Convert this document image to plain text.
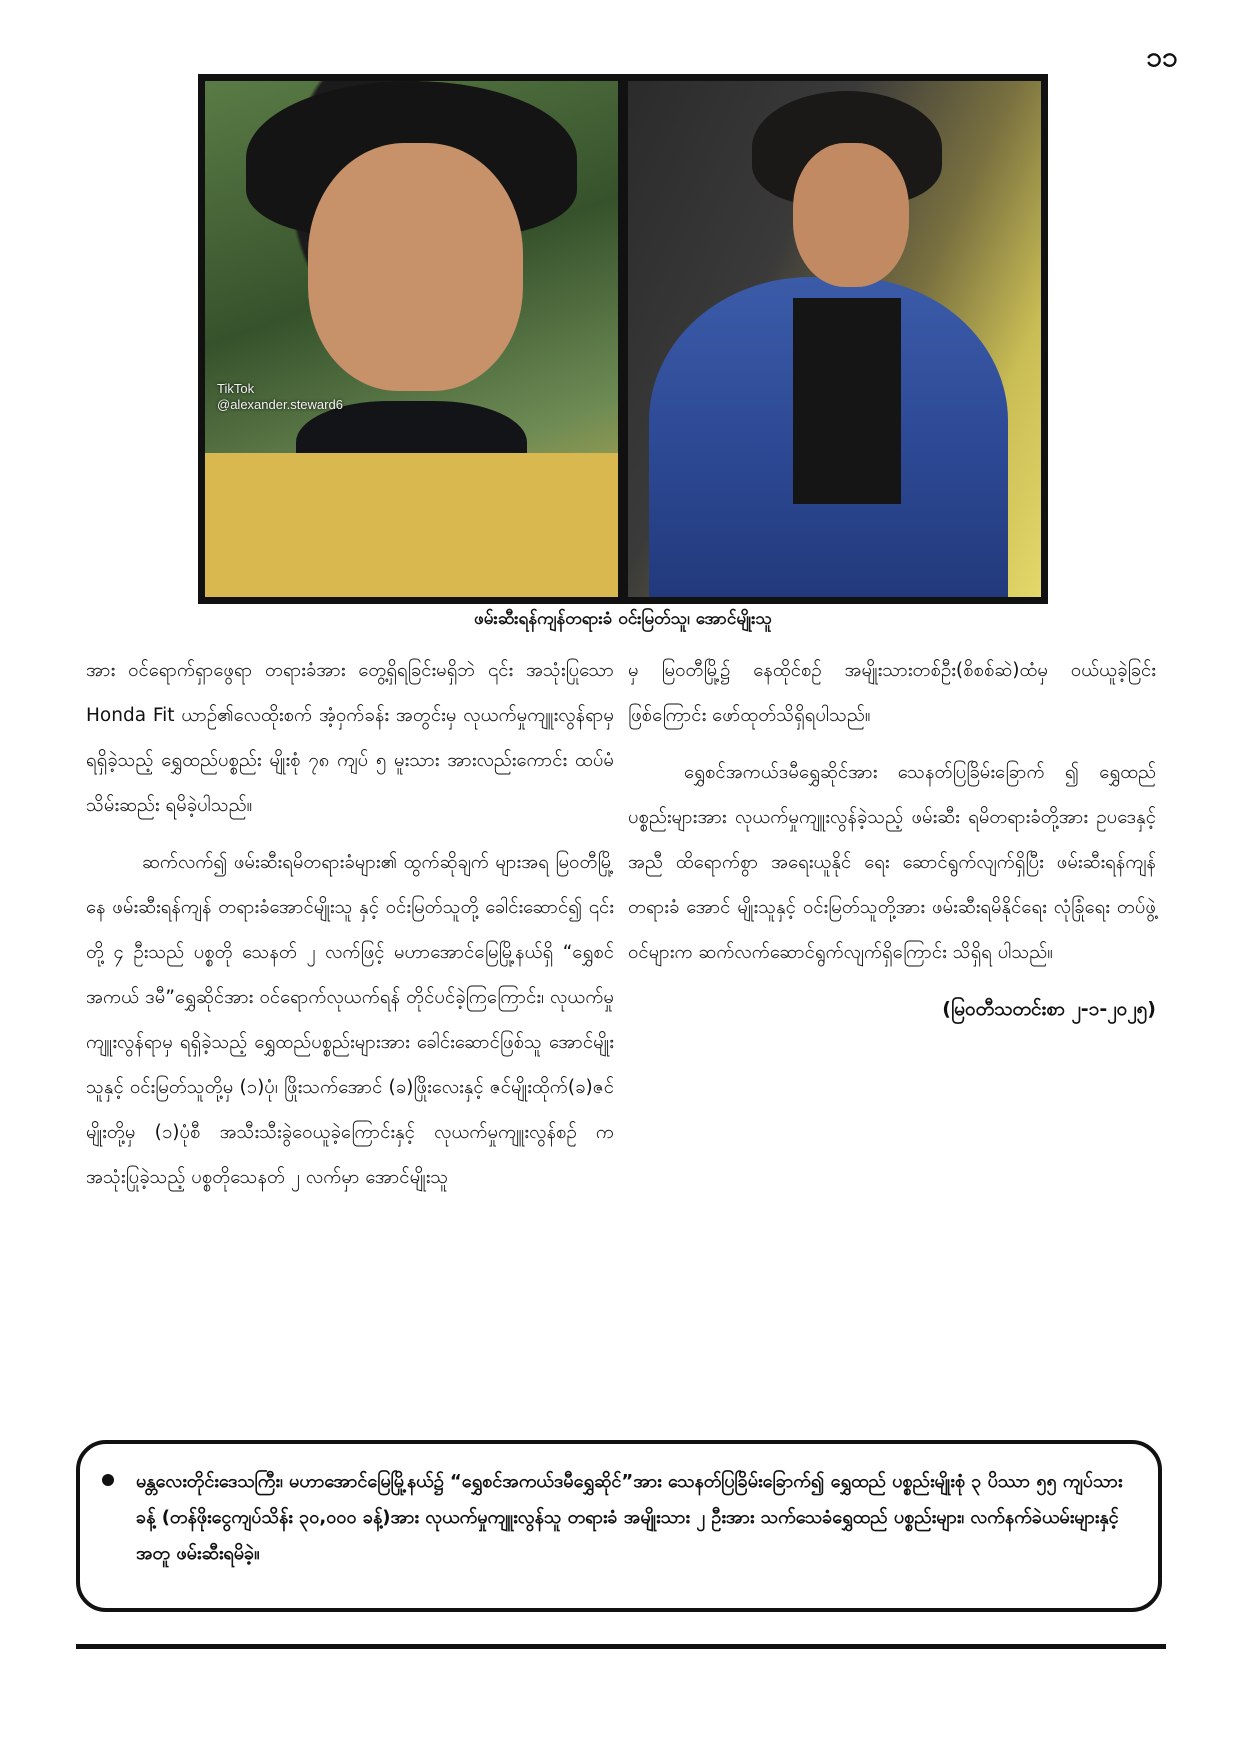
၁၁
TikTok
@alexander.steward6
ဖမ်းဆီးရန်ကျန်တရားခံ ဝင်းမြတ်သူ၊ အောင်မျိုးသူ

အား ဝင်ရောက်ရှာဖွေရာ တရားခံအား တွေ့ရှိရခြင်းမရှိဘဲ ၎င်း အသုံးပြုသော Honda Fit ယာဉ်၏လေထိုးစက် အံ့ဝှက်ခန်း အတွင်းမှ လုယက်မှုကျူးလွန်ရာမှ ရရှိခဲ့သည့် ရွှေထည်ပစ္စည်း မျိုးစုံ ၇၈ ကျပ် ၅ မူးသား အားလည်းကောင်း ထပ်မံသိမ်းဆည်း ရမိခဲ့ပါသည်။

ဆက်လက်၍ ဖမ်းဆီးရမိတရားခံများ၏ ထွက်ဆိုချက် များအရ မြဝတီမြို့နေ ဖမ်းဆီးရန်ကျန် တရားခံအောင်မျိုးသူ နှင့် ဝင်းမြတ်သူတို့ ခေါင်းဆောင်၍ ၎င်းတို့ ၄ ဦးသည် ပစ္စတို သေနတ် ၂ လက်ဖြင့် မဟာအောင်မြေမြို့နယ်ရှိ “ရွှေစင်အကယ် ဒမီ”ရွှေဆိုင်အား ဝင်ရောက်လုယက်ရန် တိုင်ပင်ခဲ့ကြကြောင်း၊ လုယက်မှုကျူးလွန်ရာမှ ရရှိခဲ့သည့် ရွှေထည်ပစ္စည်းများအား ခေါင်းဆောင်ဖြစ်သူ အောင်မျိုးသူနှင့် ဝင်းမြတ်သူတို့မှ (၁)ပုံ၊ ဖြိုးသက်အောင် (ခ)ဖြိုးလေးနှင့် ဇင်မျိုးထိုက်(ခ)ဇင်မျိုးတို့မှ (၁)ပုံစီ အသီးသီးခွဲဝေယူခဲ့ကြောင်းနှင့် လုယက်မှုကျူးလွန်စဉ် က အသုံးပြုခဲ့သည့် ပစ္စတိုသေနတ် ၂ လက်မှာ အောင်မျိုးသူ

မှ မြဝတီမြို့၌ နေထိုင်စဉ် အမျိုးသားတစ်ဦး(စိစစ်ဆဲ)ထံမှ ဝယ်ယူခဲ့ခြင်းဖြစ်ကြောင်း ဖော်ထုတ်သိရှိရပါသည်။

ရွှေစင်အကယ်ဒမီရွှေဆိုင်အား သေနတ်ပြခြိမ်းခြောက် ၍ ရွှေထည်ပစ္စည်းများအား လုယက်မှုကျူးလွန်ခဲ့သည့် ဖမ်းဆီး ရမိတရားခံတို့အား ဥပဒေနှင့်အညီ ထိရောက်စွာ အရေးယူနိုင် ရေး ဆောင်ရွက်လျက်ရှိပြီး ဖမ်းဆီးရန်ကျန်တရားခံ အောင် မျိုးသူနှင့် ဝင်းမြတ်သူတို့အား ဖမ်းဆီးရမိနိုင်ရေး လုံခြုံရေး တပ်ဖွဲ့ဝင်များက ဆက်လက်ဆောင်ရွက်လျက်ရှိကြောင်း သိရှိရ ပါသည်။

(မြဝတီသတင်းစာ ၂-၁-၂၀၂၅)

မန္တလေးတိုင်းဒေသကြီး၊ မဟာအောင်မြေမြို့နယ်၌ “ရွှေစင်အကယ်ဒမီရွှေဆိုင်”အား သေနတ်ပြခြိမ်းခြောက်၍ ရွှေထည် ပစ္စည်းမျိုးစုံ ၃ ပိဿာ ၅၅ ကျပ်သားခန့် (တန်ဖိုးငွေကျပ်သိန်း ၃၀,၀၀၀ ခန့်)အား လုယက်မှုကျူးလွန်သူ တရားခံ အမျိုးသား ၂ ဦးအား သက်သေခံရွှေထည် ပစ္စည်းများ၊ လက်နက်ခဲယမ်းများနှင့်အတူ ဖမ်းဆီးရမိခဲ့။
